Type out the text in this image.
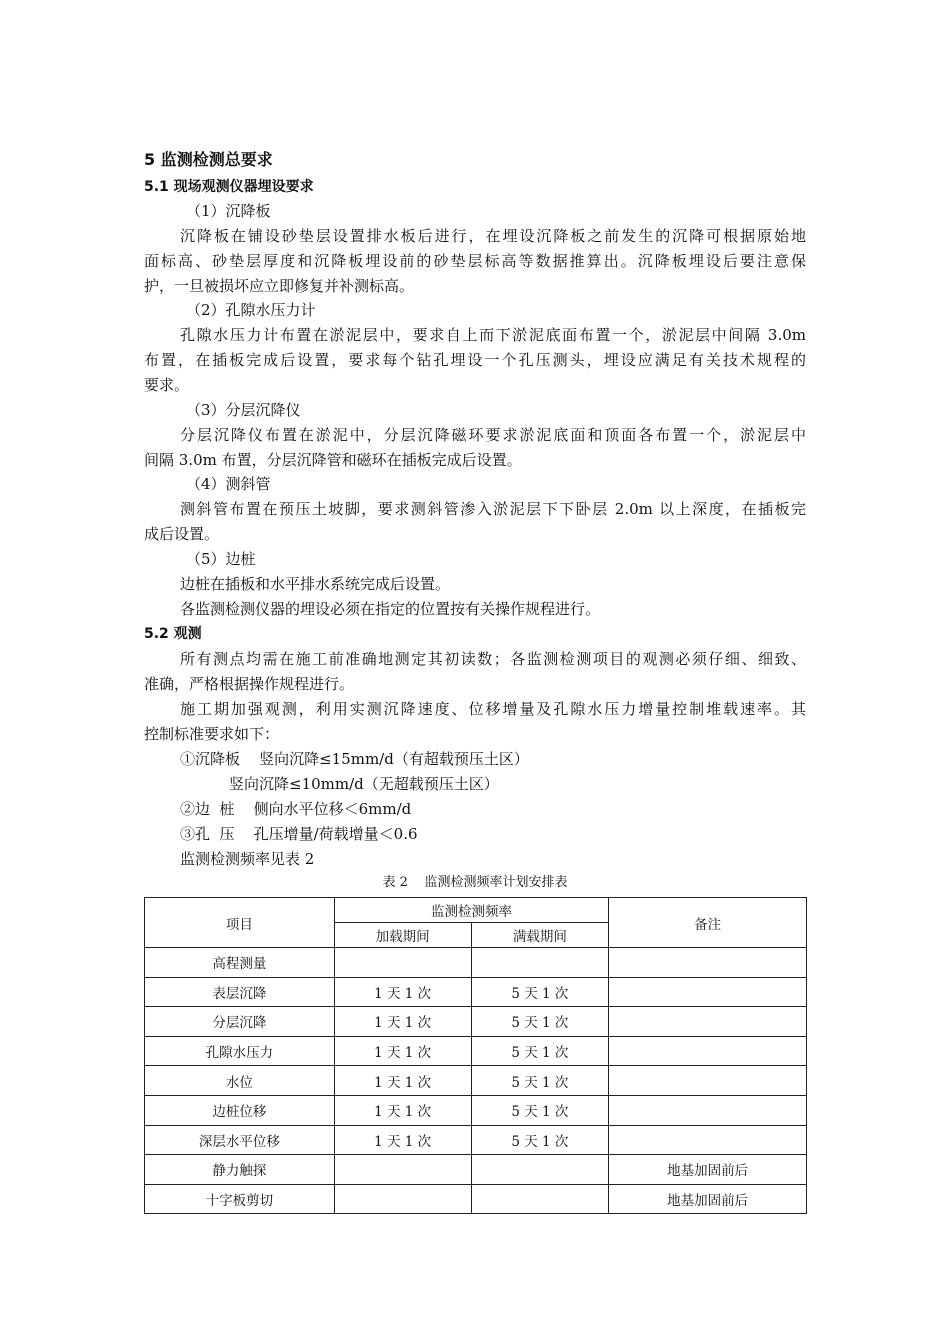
5 监测检测总要求
5.1 现场观测仪器埋设要求
（1）沉降板
沉降板在铺设砂垫层设置排水板后进行，在埋设沉降板之前发生的沉降可根据原始地
面标高、砂垫层厚度和沉降板埋设前的砂垫层标高等数据推算出。沉降板埋设后要注意保
护，一旦被损坏应立即修复并补测标高。
（2）孔隙水压力计
孔隙水压力计布置在淤泥层中，要求自上而下淤泥底面布置一个，淤泥层中间隔 3.0m
布置，在插板完成后设置，要求每个钻孔埋设一个孔压测头，埋设应满足有关技术规程的
要求。
（3）分层沉降仪
分层沉降仪布置在淤泥中，分层沉降磁环要求淤泥底面和顶面各布置一个，淤泥层中
间隔 3.0m 布置，分层沉降管和磁环在插板完成后设置。
（4）测斜管
测斜管布置在预压土坡脚，要求测斜管渗入淤泥层下下卧层 2.0m 以上深度，在插板完
成后设置。
（5）边桩
边桩在插板和水平排水系统完成后设置。
各监测检测仪器的埋设必须在指定的位置按有关操作规程进行。
5.2 观测
所有测点均需在施工前准确地测定其初读数；各监测检测项目的观测必须仔细、细致、
准确，严格根据操作规程进行。
施工期加强观测，利用实测沉降速度、位移增量及孔隙水压力增量控制堆载速率。其
控制标准要求如下：
①沉降板    竖向沉降≤15mm/d（有超载预压土区）
竖向沉降≤10mm/d（无超载预压土区）
②边  桩    侧向水平位移＜6mm/d
③孔  压    孔压增量/荷载增量＜0.6
监测检测频率见表 2
表 2    监测检测频率计划安排表
项目	监测检测频率		备注
	加载期间	满载期间	
高程测量			
表层沉降	1 天 1 次	5 天 1 次	
分层沉降	1 天 1 次	5 天 1 次	
孔隙水压力	1 天 1 次	5 天 1 次	
水位	1 天 1 次	5 天 1 次	
边桩位移	1 天 1 次	5 天 1 次	
深层水平位移	1 天 1 次	5 天 1 次	
静力触探			地基加固前后
十字板剪切			地基加固前后
